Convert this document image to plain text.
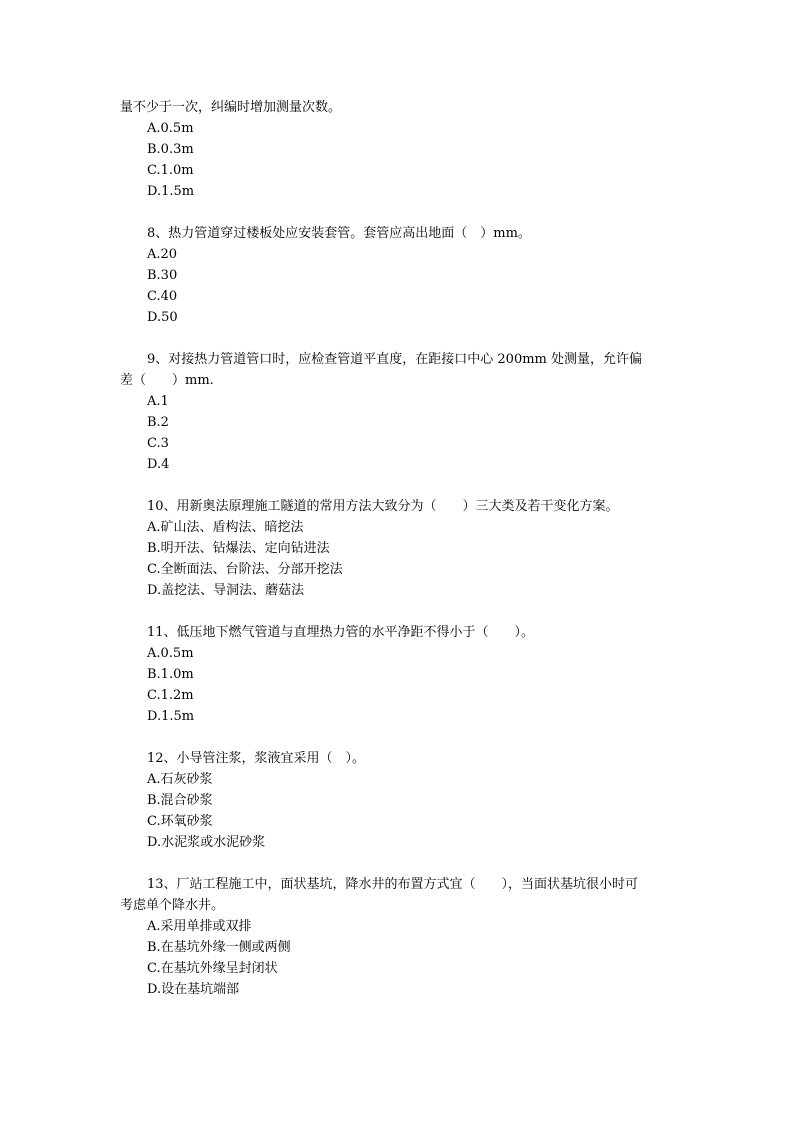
量不少于一次，纠编时增加测量次数。
A.0.5m
B.0.3m
C.1.0m
D.1.5m
8、热力管道穿过楼板处应安装套管。套管应高出地面（　）mm。
A.20
B.30
C.40
D.50
9、对接热力管道管口时，应检查管道平直度，在距接口中心 200mm 处测量，允许偏
差（　　）mm.
A.1
B.2
C.3
D.4
10、用新奥法原理施工隧道的常用方法大致分为（　　）三大类及若干变化方案。
A.矿山法、盾构法、暗挖法
B.明开法、钻爆法、定向钻进法
C.全断面法、台阶法、分部开挖法
D.盖挖法、导洞法、蘑菇法
11、低压地下燃气管道与直埋热力管的水平净距不得小于（　　）。
A.0.5m
B.1.0m
C.1.2m
D.1.5m
12、小导管注浆，浆液宜采用（　）。
A.石灰砂浆
B.混合砂浆
C.环氧砂浆
D.水泥浆或水泥砂浆
13、厂站工程施工中，面状基坑，降水井的布置方式宜（　　），当面状基坑很小时可
考虑单个降水井。
A.采用单排或双排
B.在基坑外缘一侧或两侧
C.在基坑外缘呈封闭状
D.设在基坑端部
